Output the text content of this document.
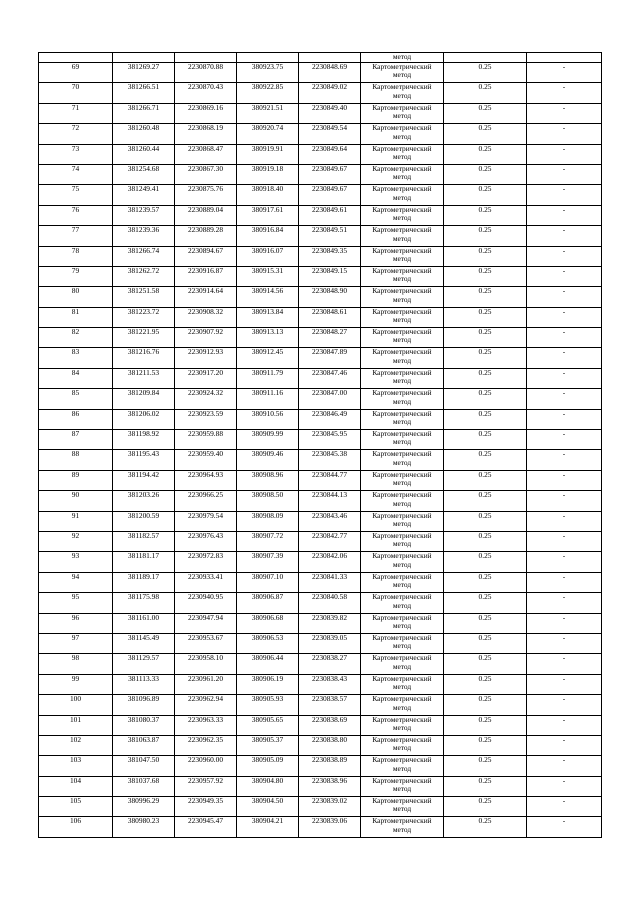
					метод		
69	381269.27	2230870.88	380923.75	2230848.69	Картометрический
метод	0.25	-
70	381266.51	2230870.43	380922.85	2230849.02	Картометрический
метод	0.25	-
71	381266.71	2230869.16	380921.51	2230849.40	Картометрический
метод	0.25	-
72	381260.48	2230868.19	380920.74	2230849.54	Картометрический
метод	0.25	-
73	381260.44	2230868.47	380919.91	2230849.64	Картометрический
метод	0.25	-
74	381254.68	2230867.30	380919.18	2230849.67	Картометрический
метод	0.25	-
75	381249.41	2230875.76	380918.40	2230849.67	Картометрический
метод	0.25	-
76	381239.57	2230889.04	380917.61	2230849.61	Картометрический
метод	0.25	-
77	381239.36	2230889.28	380916.84	2230849.51	Картометрический
метод	0.25	-
78	381266.74	2230894.67	380916.07	2230849.35	Картометрический
метод	0.25	-
79	381262.72	2230916.87	380915.31	2230849.15	Картометрический
метод	0.25	-
80	381251.58	2230914.64	380914.56	2230848.90	Картометрический
метод	0.25	-
81	381223.72	2230908.32	380913.84	2230848.61	Картометрический
метод	0.25	-
82	381221.95	2230907.92	380913.13	2230848.27	Картометрический
метод	0.25	-
83	381216.76	2230912.93	380912.45	2230847.89	Картометрический
метод	0.25	-
84	381211.53	2230917.20	380911.79	2230847.46	Картометрический
метод	0.25	-
85	381209.84	2230924.32	380911.16	2230847.00	Картометрический
метод	0.25	-
86	381206.02	2230923.59	380910.56	2230846.49	Картометрический
метод	0.25	-
87	381198.92	2230959.88	380909.99	2230845.95	Картометрический
метод	0.25	-
88	381195.43	2230959.40	380909.46	2230845.38	Картометрический
метод	0.25	-
89	381194.42	2230964.93	380908.96	2230844.77	Картометрический
метод	0.25	-
90	381203.26	2230966.25	380908.50	2230844.13	Картометрический
метод	0.25	-
91	381200.59	2230979.54	380908.09	2230843.46	Картометрический
метод	0.25	-
92	381182.57	2230976.43	380907.72	2230842.77	Картометрический
метод	0.25	-
93	381181.17	2230972.83	380907.39	2230842.06	Картометрический
метод	0.25	-
94	381189.17	2230933.41	380907.10	2230841.33	Картометрический
метод	0.25	-
95	381175.98	2230940.95	380906.87	2230840.58	Картометрический
метод	0.25	-
96	381161.00	2230947.94	380906.68	2230839.82	Картометрический
метод	0.25	-
97	381145.49	2230953.67	380906.53	2230839.05	Картометрический
метод	0.25	-
98	381129.57	2230958.10	380906.44	2230838.27	Картометрический
метод	0.25	-
99	381113.33	2230961.20	380906.19	2230838.43	Картометрический
метод	0.25	-
100	381096.89	2230962.94	380905.93	2230838.57	Картометрический
метод	0.25	-
101	381080.37	2230963.33	380905.65	2230838.69	Картометрический
метод	0.25	-
102	381063.87	2230962.35	380905.37	2230838.80	Картометрический
метод	0.25	-
103	381047.50	2230960.00	380905.09	2230838.89	Картометрический
метод	0.25	-
104	381037.68	2230957.92	380904.80	2230838.96	Картометрический
метод	0.25	-
105	380996.29	2230949.35	380904.50	2230839.02	Картометрический
метод	0.25	-
106	380980.23	2230945.47	380904.21	2230839.06	Картометрический
метод	0.25	-
